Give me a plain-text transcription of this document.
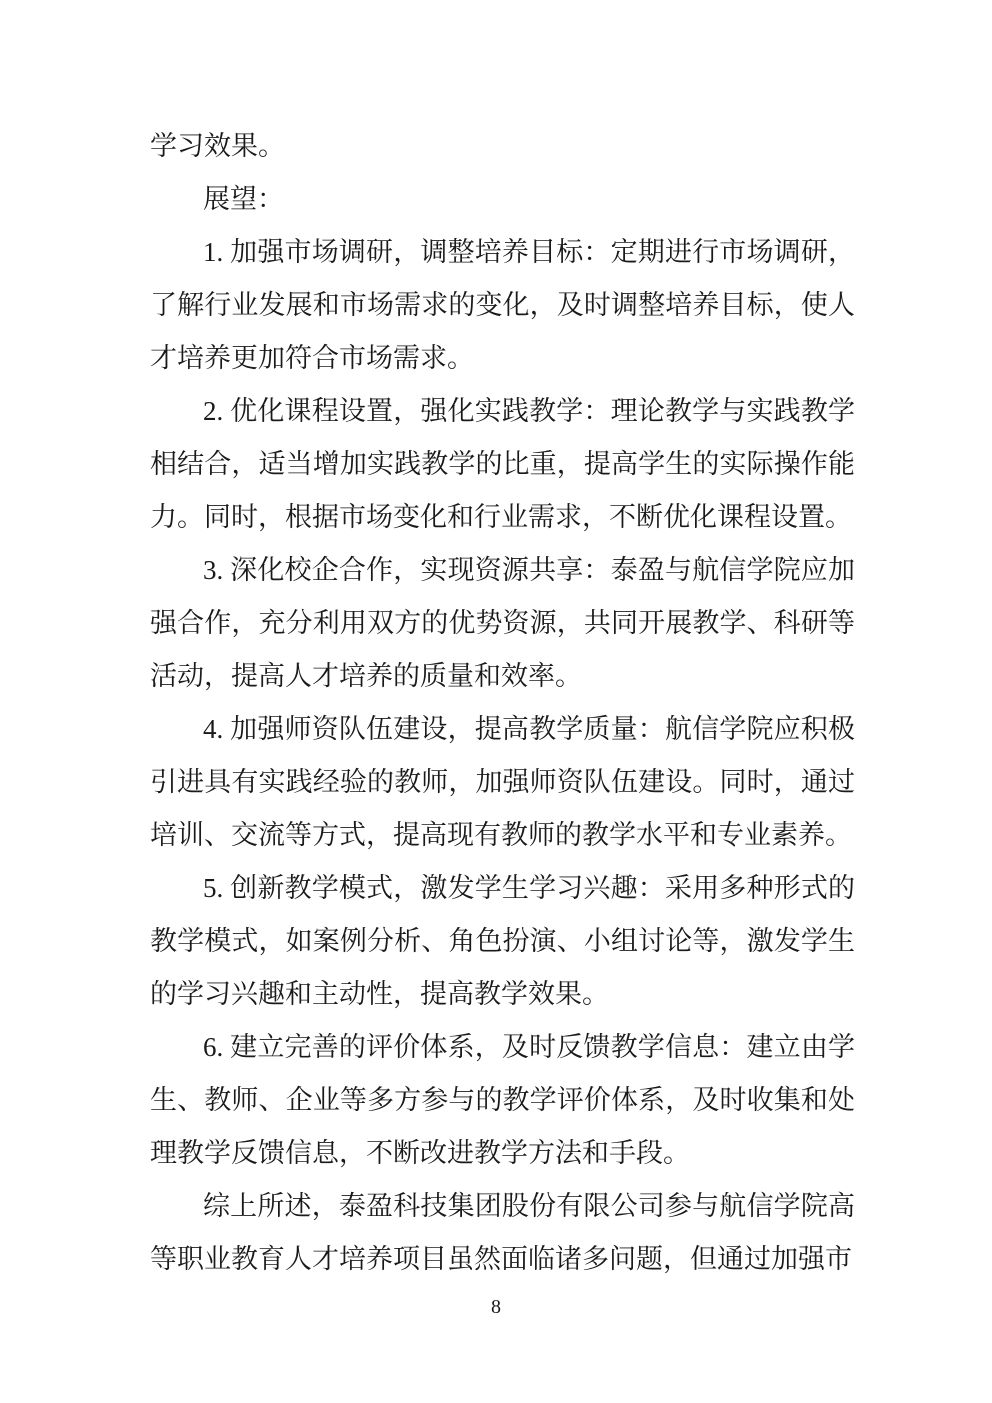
学习效果。
展望：
1. 加强市场调研，调整培养目标：定期进行市场调研，
了解行业发展和市场需求的变化，及时调整培养目标，使人
才培养更加符合市场需求。
2. 优化课程设置，强化实践教学：理论教学与实践教学
相结合，适当增加实践教学的比重，提高学生的实际操作能
力。同时，根据市场变化和行业需求，不断优化课程设置。
3. 深化校企合作，实现资源共享：泰盈与航信学院应加
强合作，充分利用双方的优势资源，共同开展教学、科研等
活动，提高人才培养的质量和效率。
4. 加强师资队伍建设，提高教学质量：航信学院应积极
引进具有实践经验的教师，加强师资队伍建设。同时，通过
培训、交流等方式，提高现有教师的教学水平和专业素养。
5. 创新教学模式，激发学生学习兴趣：采用多种形式的
教学模式，如案例分析、角色扮演、小组讨论等，激发学生
的学习兴趣和主动性，提高教学效果。
6. 建立完善的评价体系，及时反馈教学信息：建立由学
生、教师、企业等多方参与的教学评价体系，及时收集和处
理教学反馈信息，不断改进教学方法和手段。
综上所述，泰盈科技集团股份有限公司参与航信学院高
等职业教育人才培养项目虽然面临诸多问题，但通过加强市
8
